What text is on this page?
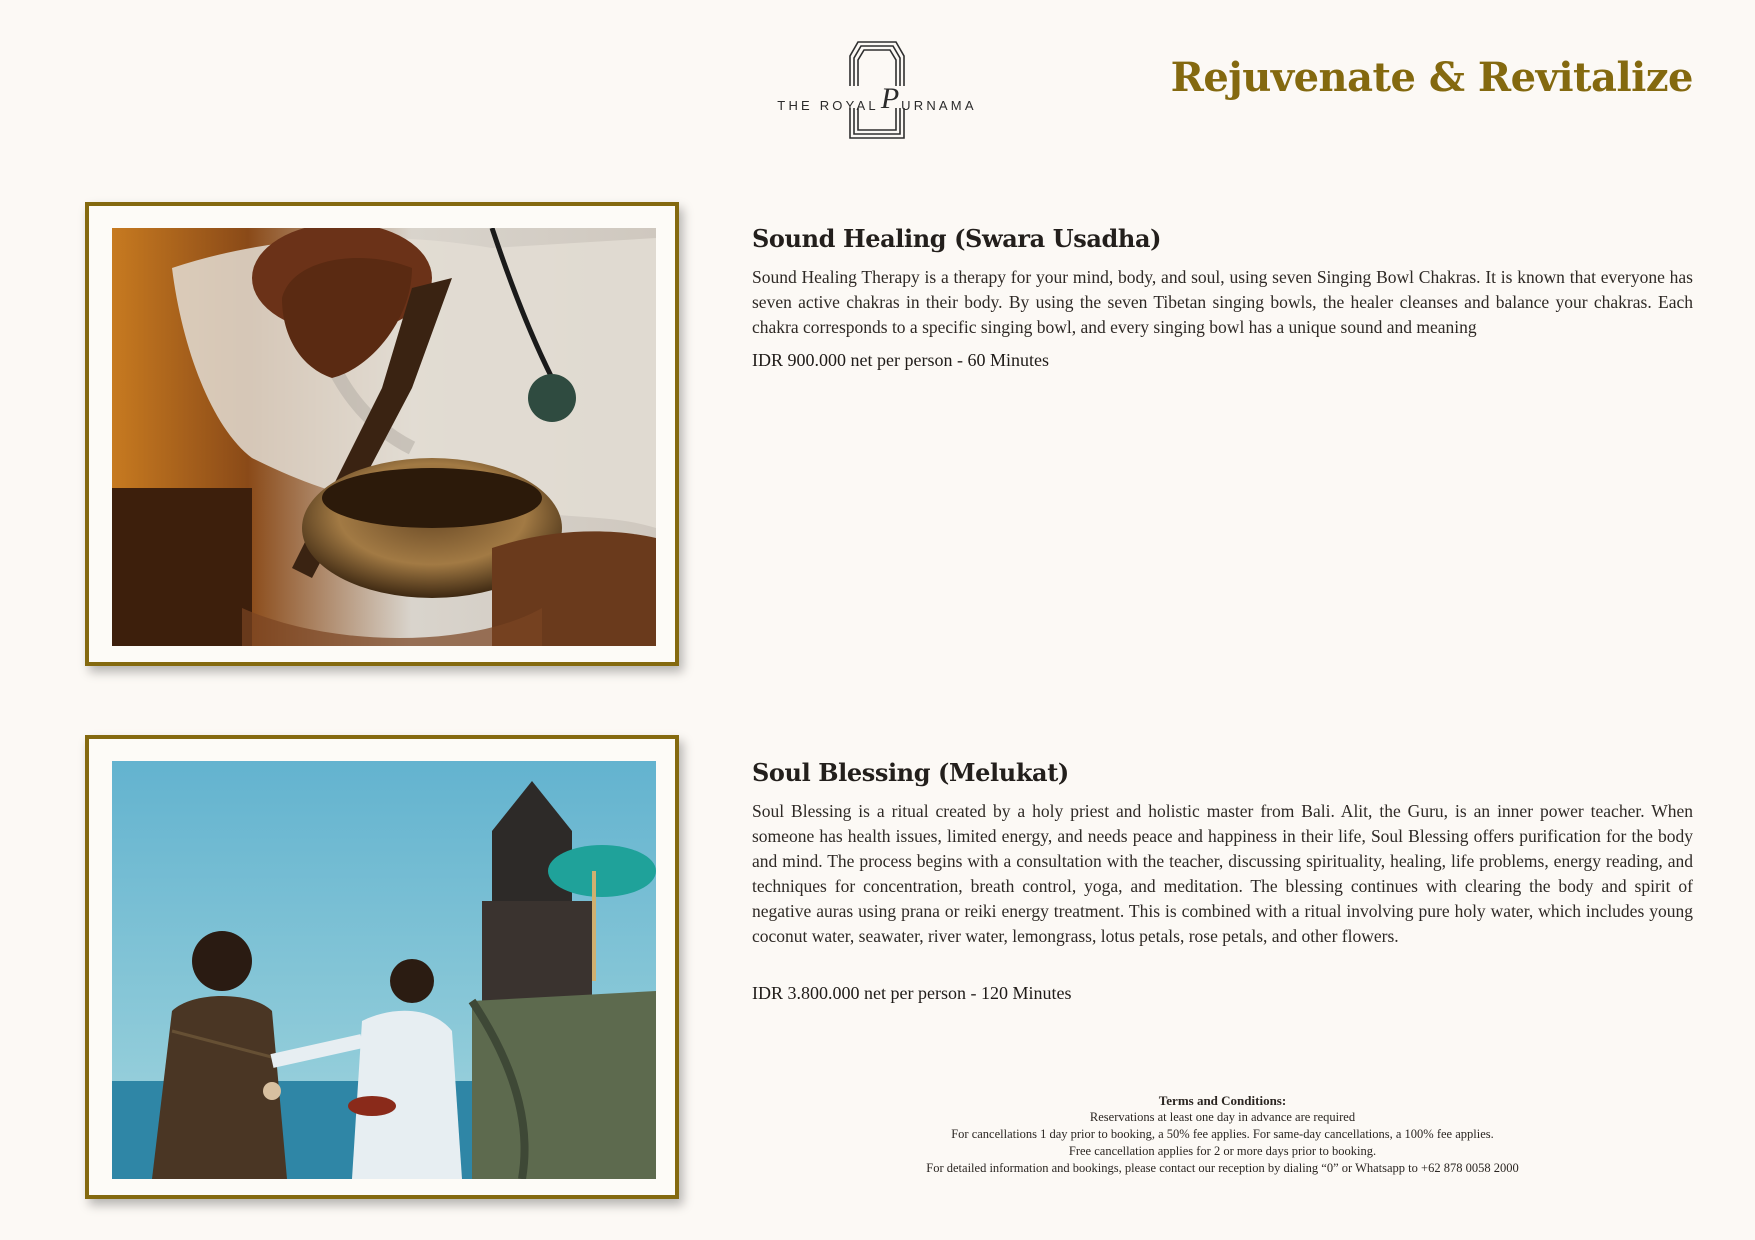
THE ROYAL P URNAMA
Rejuvenate & Revitalize
Sound Healing (Swara Usadha)

Sound Healing Therapy is a therapy for your mind, body, and soul, using seven Singing Bowl Chakras. It is known that everyone has seven active chakras in their body. By using the seven Tibetan singing bowls, the healer cleanses and balance your chakras. Each chakra corresponds to a specific singing bowl, and every singing bowl has a unique sound and meaning

IDR 900.000 net per person - 60 Minutes

Soul Blessing (Melukat)

Soul Blessing is a ritual created by a holy priest and holistic master from Bali. Alit, the Guru, is an inner power teacher. When someone has health issues, limited energy, and needs peace and happiness in their life, Soul Blessing offers purification for the body and mind. The process begins with a consultation with the teacher, discussing spirituality, healing, life problems, energy reading, and techniques for concentration, breath control, yoga, and meditation. The blessing continues with clearing the body and spirit of negative auras using prana or reiki energy treatment. This is combined with a ritual involving pure holy water, which includes young coconut water, seawater, river water, lemongrass, lotus petals, rose petals, and other flowers.

IDR 3.800.000 net per person - 120 Minutes

Terms and Conditions:
Reservations at least one day in advance are required
For cancellations 1 day prior to booking, a 50% fee applies. For same-day cancellations, a 100% fee applies.
Free cancellation applies for 2 or more days prior to booking.
For detailed information and bookings, please contact our reception by dialing “0” or Whatsapp to +62 878 0058 2000
